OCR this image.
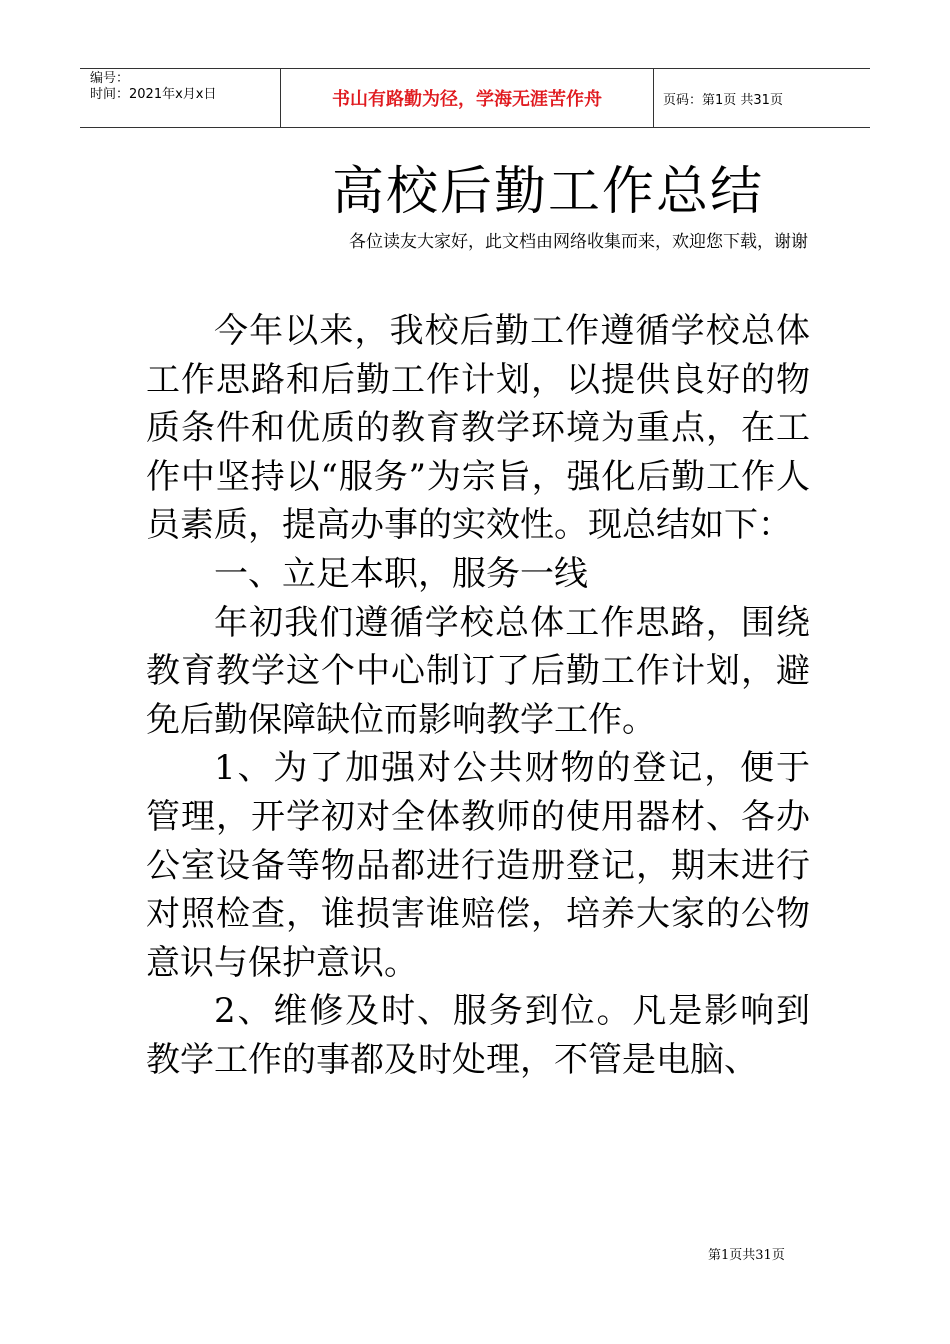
编号：
时间：2021年x月x日	书山有路勤为径，学海无涯苦作舟	页码：第1页 共31页
高校后勤工作总结
各位读友大家好，此文档由网络收集而来，欢迎您下载，谢谢

今年以来，我校后勤工作遵循学校总体工作思路和后勤工作计划，以提供良好的物质条件和优质的教育教学环境为重点，在工作中坚持以“服务”为宗旨，强化后勤工作人员素质，提高办事的实效性。现总结如下：

一、立足本职，服务一线

年初我们遵循学校总体工作思路，围绕教育教学这个中心制订了后勤工作计划，避免后勤保障缺位而影响教学工作。

1、为了加强对公共财物的登记，便于管理，开学初对全体教师的使用器材、各办公室设备等物品都进行造册登记，期末进行对照检查，谁损害谁赔偿，培养大家的公物意识与保护意识。

2、维修及时、服务到位。凡是影响到教学工作的事都及时处理，不管是电脑、

第1页共31页
